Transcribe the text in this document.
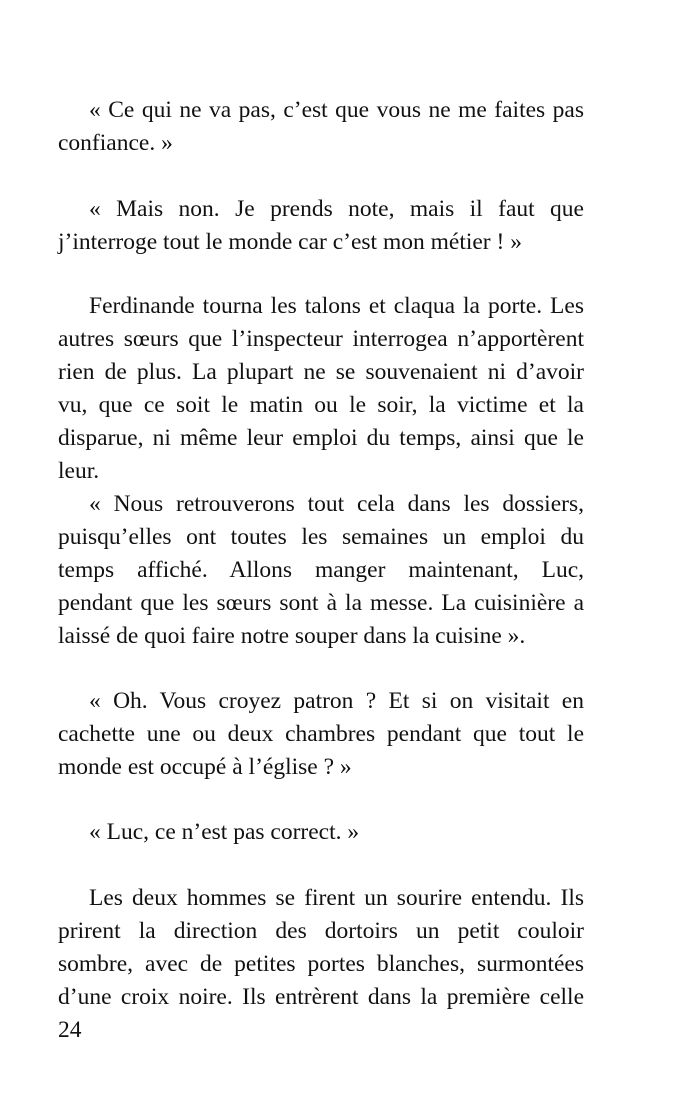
« Ce qui ne va pas, c’est que vous ne me faites pas
confiance. »
« Mais non. Je prends note, mais il faut que
j’interroge tout le monde car c’est mon métier ! »
Ferdinande tourna les talons et claqua la porte. Les
autres sœurs que l’inspecteur interrogea n’apportèrent
rien de plus. La plupart ne se souvenaient ni d’avoir
vu, que ce soit le matin ou le soir, la victime et la
disparue, ni même leur emploi du temps, ainsi que le
leur.
« Nous retrouverons tout cela dans les dossiers,
puisqu’elles ont toutes les semaines un emploi du
temps affiché. Allons manger maintenant, Luc,
pendant que les sœurs sont à la messe. La cuisinière a
laissé de quoi faire notre souper dans la cuisine ».
« Oh. Vous croyez patron ? Et si on visitait en
cachette une ou deux chambres pendant que tout le
monde est occupé à l’église ? »
« Luc, ce n’est pas correct. »
Les deux hommes se firent un sourire entendu. Ils
prirent la direction des dortoirs un petit couloir
sombre, avec de petites portes blanches, surmontées
d’une croix noire. Ils entrèrent dans la première celle
24
